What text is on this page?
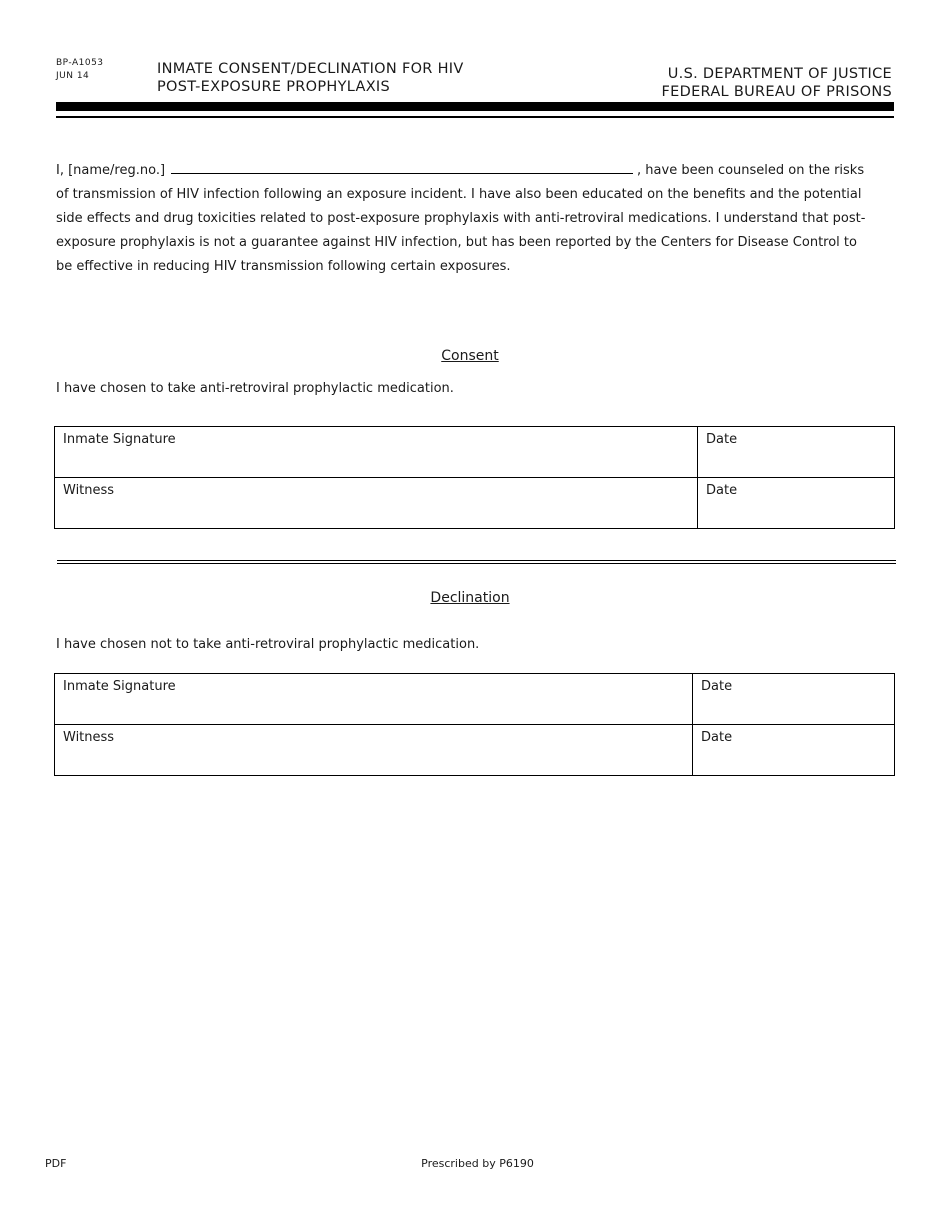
BP-A1053
JUN 14	INMATE CONSENT/DECLINATION FOR HIV
POST-EXPOSURE PROPHYLAXIS
U.S. DEPARTMENT OF JUSTICE
FEDERAL BUREAU OF PRISONS
I, [name/reg.no.]	, have been counseled on the risks of transmission of HIV infection following an exposure incident. I have also been educated on the benefits and the potential side effects and drug toxicities related to post-exposure prophylaxis with anti-retroviral medications. I understand that post-exposure prophylaxis is not a guarantee against HIV infection, but has been reported by the Centers for Disease Control to be effective in reducing HIV transmission following certain exposures.
Consent
I have chosen to take anti-retroviral prophylactic medication.
Inmate Signature	Date
Witness	Date
Declination
I have chosen not to take anti-retroviral prophylactic medication.
Inmate Signature	Date
Witness	Date
PDF	Prescribed by P6190
